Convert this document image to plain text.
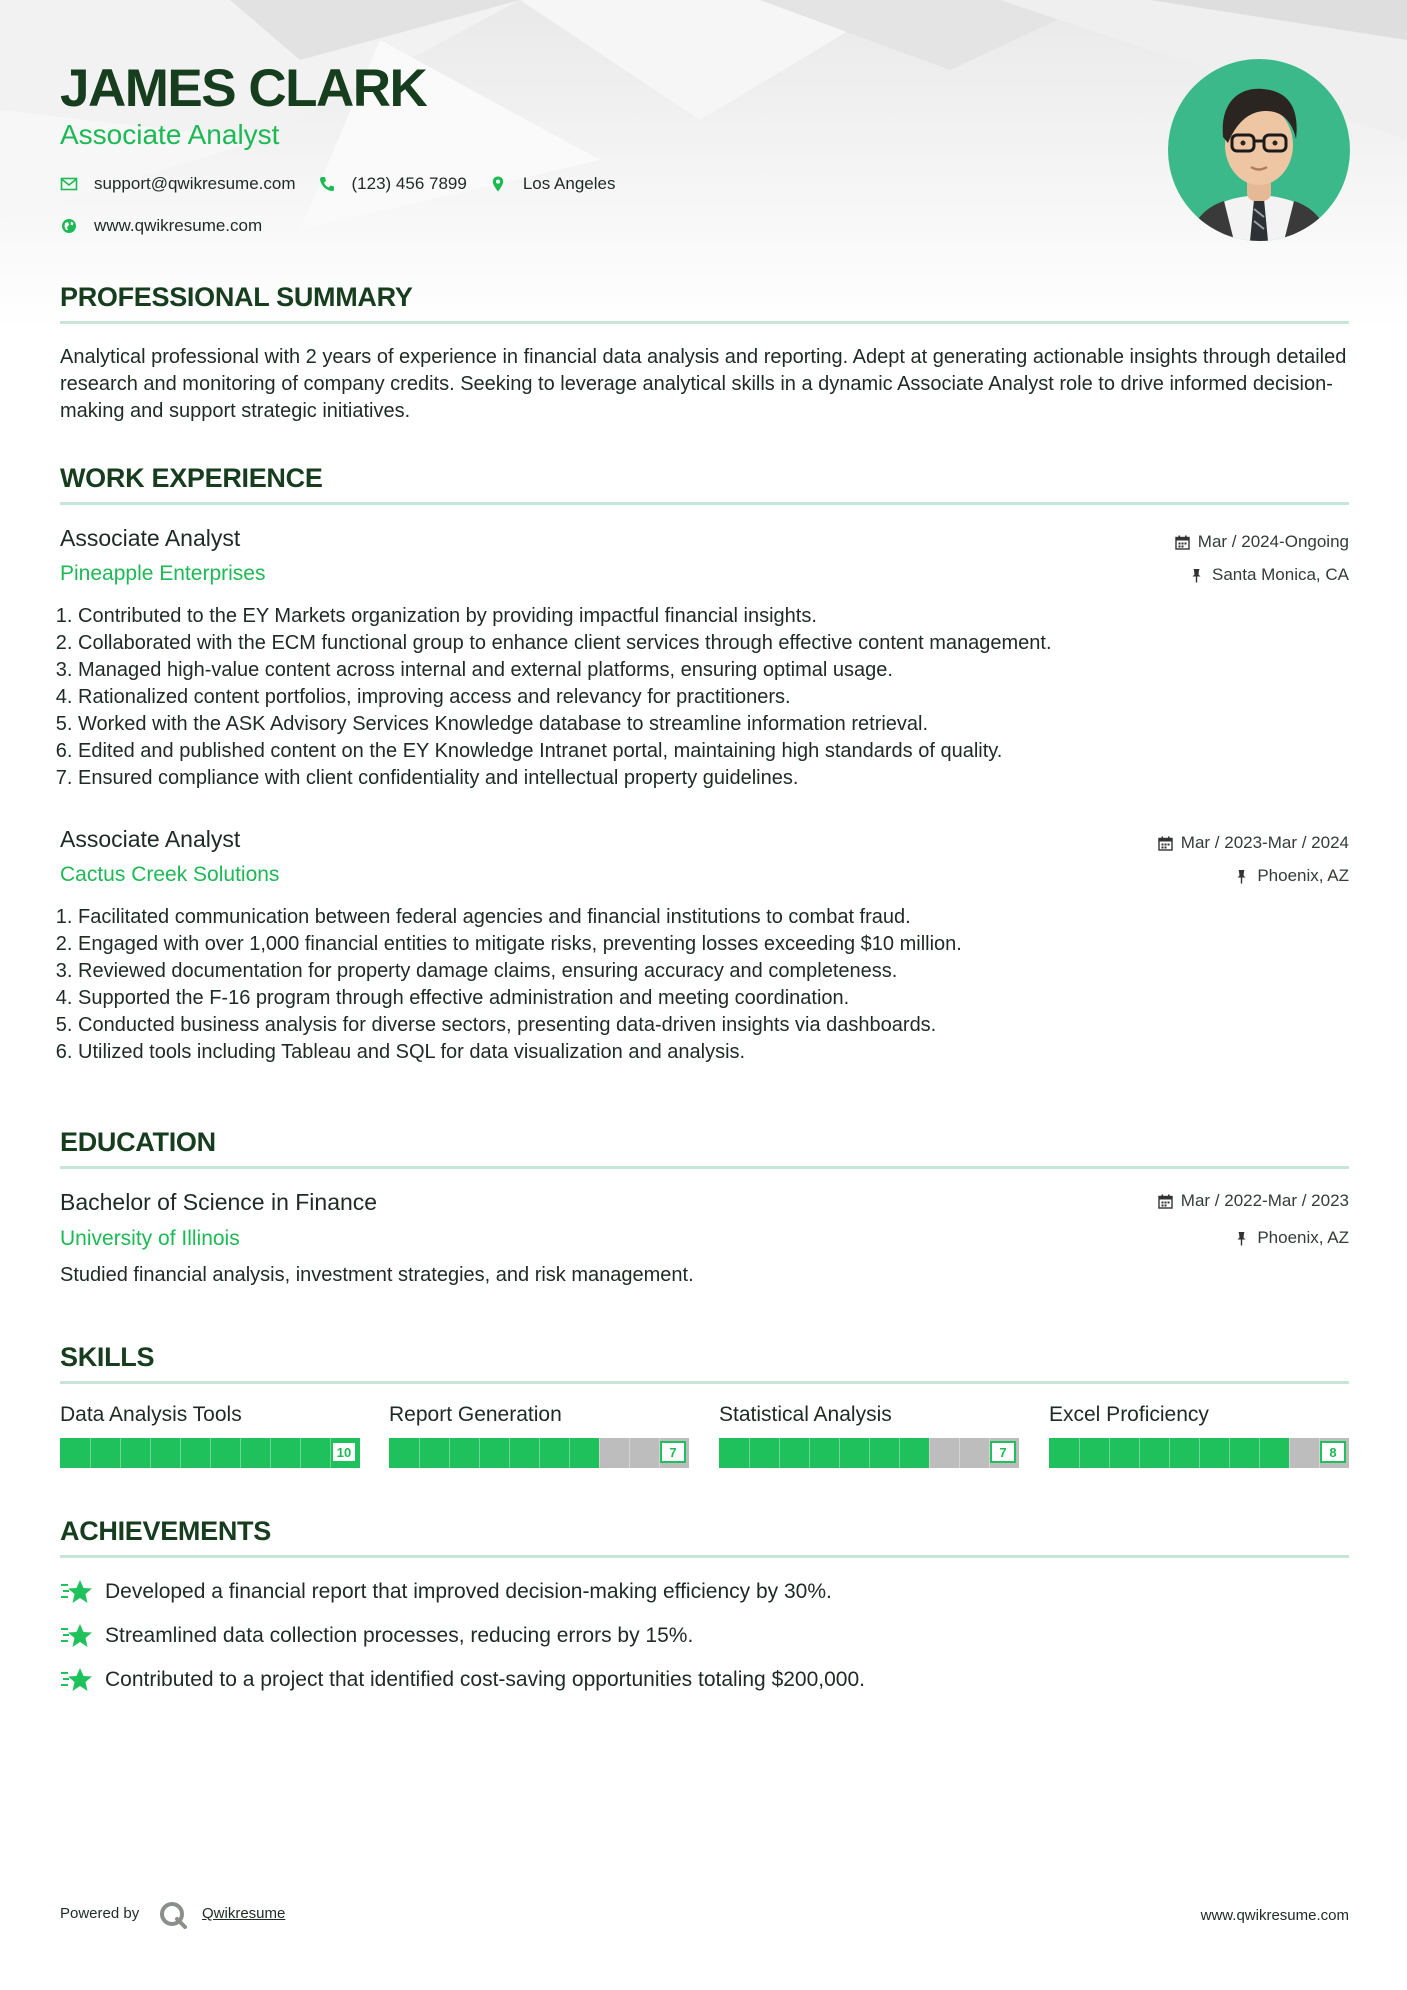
JAMES CLARK
Associate Analyst
support@qwikresume.com	(123) 456 7899	Los Angeles
www.qwikresume.com
PROFESSIONAL SUMMARY
Analytical professional with 2 years of experience in financial data analysis and reporting. Adept at generating actionable insights through detailed research and monitoring of company credits. Seeking to leverage analytical skills in a dynamic Associate Analyst role to drive informed decision-making and support strategic initiatives.
WORK EXPERIENCE
Associate Analyst
Pineapple Enterprises
Mar / 2024-Ongoing
Santa Monica, CA
1. Contributed to the EY Markets organization by providing impactful financial insights.
2. Collaborated with the ECM functional group to enhance client services through effective content management.
3. Managed high-value content across internal and external platforms, ensuring optimal usage.
4. Rationalized content portfolios, improving access and relevancy for practitioners.
5. Worked with the ASK Advisory Services Knowledge database to streamline information retrieval.
6. Edited and published content on the EY Knowledge Intranet portal, maintaining high standards of quality.
7. Ensured compliance with client confidentiality and intellectual property guidelines.
Associate Analyst
Cactus Creek Solutions
Mar / 2023-Mar / 2024
Phoenix, AZ
1. Facilitated communication between federal agencies and financial institutions to combat fraud.
2. Engaged with over 1,000 financial entities to mitigate risks, preventing losses exceeding $10 million.
3. Reviewed documentation for property damage claims, ensuring accuracy and completeness.
4. Supported the F-16 program through effective administration and meeting coordination.
5. Conducted business analysis for diverse sectors, presenting data-driven insights via dashboards.
6. Utilized tools including Tableau and SQL for data visualization and analysis.
EDUCATION
Bachelor of Science in Finance
University of Illinois
Mar / 2022-Mar / 2023
Phoenix, AZ
Studied financial analysis, investment strategies, and risk management.
SKILLS
Data Analysis Tools
10
Report Generation
7
Statistical Analysis
7
Excel Proficiency
8
ACHIEVEMENTS
Developed a financial report that improved decision-making efficiency by 30%.
Streamlined data collection processes, reducing errors by 15%.
Contributed to a project that identified cost-saving opportunities totaling $200,000.
Powered by	Qwikresume	www.qwikresume.com
